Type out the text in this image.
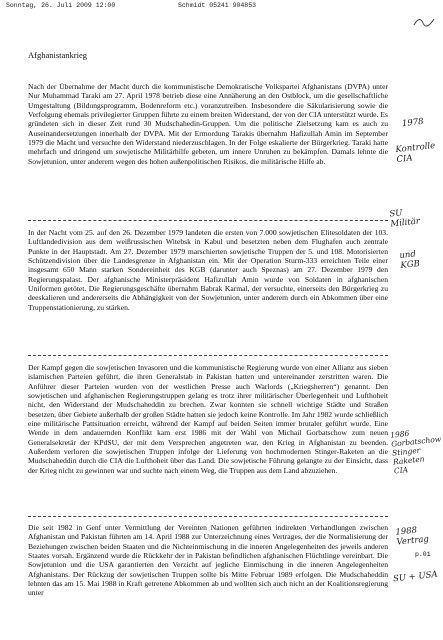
Sonntag, 26. Juli 2009 12:00	Schmidt 05241 904853
Afghanistankrieg
Nach der Übernahme der Macht durch die kommunistische Demokratische Volkspartei Afghanistans (DVPA) unter Nur Muhammad Taraki am 27. April 1978 betrieb diese eine Annäherung an den Ostblock, um die gesellschaftliche Umgestaltung (Bildungsprogramm, Bodenreform etc.) voranzutreiben. Insbesondere die Säkularisierung sowie die Verfolgung ehemals privilegierter Gruppen führte zu einem breiten Widerstand, der von der CIA unterstützt wurde. Es gründeten sich in dieser Zeit rund 30 Mudschahedin-Gruppen. Um die politische Zielsetzung kam es auch zu Auseinandersetzungen innerhalb der DVPA. Mit der Ermordung Tarakis übernahm Hafizullah Amin im September 1979 die Macht und versuchte den Widerstand niederzuschlagen. In der Folge eskalierte der Bürgerkrieg. Taraki hatte mehrfach und dringend um sowjetische Militärhilfe gebeten, um innere Unruhen zu bekämpfen. Damals lehnte die Sowjetunion, unter anderem wegen des hohen außenpolitischen Risikos, die militärische Hilfe ab.
In der Nacht vom 25. auf den 26. Dezember 1979 landeten die ersten von 7.000 sowjetischen Elitesoldaten der 103. Luftlandedivision aus dem weißrussischen Witebsk in Kabul und besetzten neben dem Flughafen auch zentrale Punkte in der Hauptstadt. Am 27. Dezember 1979 marschierten sowjetische Truppen der 5. und 108. Motorisierten Schützendivision über die Landesgrenze in Afghanistan ein. Mit der Operation Sturm-333 erreichten Teile einer insgesamt 650 Mann starken Sondereinheit des KGB (darunter auch Speznas) am 27. Dezember 1979 den Regierungspalast. Der afghanische Ministerpräsident Hafizullah Amin wurde von Soldaten in afghanischen Uniformen getötet. Die Regierungsgeschäfte übernahm Babrak Karmal, der versuchte, einerseits den Bürgerkrieg zu deeskalieren und andererseits die Abhängigkeit von der Sowjetunion, unter anderem durch ein Abkommen über eine Truppenstationierung, zu stärken.
Der Kampf gegen die sowjetischen Invasoren und die kommunistische Regierung wurde von einer Allianz aus sieben islamischen Parteien geführt, die ihren Generalstab in Pakistan hatten und untereinander zerstritten waren. Die Anführer dieser Parteien wurden von der westlichen Presse auch Warlords („Kriegsherren“) genannt. Den sowjetischen und afghanischen Regierungstruppen gelang es trotz ihrer militärischer Überlegenheit und Lufthoheit nicht, den Widerstand der Mudschaheddin zu brechen. Zwar konnten sie schnell wichtige Städte und Straßen besetzen, über Gebiete außerhalb der großen Städte hatten sie jedoch keine Kontrolle. Im Jahr 1982 wurde schließlich eine militärische Pattsituation erreicht, während der Kampf auf beiden Seiten immer brutaler geführt wurde. Eine Wende in dem andauernden Konflikt kam erst 1986 mit der Wahl von Michail Gorbatschow zum neuen Generalsekretär der KPdSU, der mit dem Versprechen angetreten war, den Krieg in Afghanistan zu beenden. Außerdem verloren die sowjetischen Truppen infolge der Lieferung von hochmodernen Stinger-Raketen an die Mudschaheddin durch die CIA die Lufthoheit über das Land. Die sowjetische Führung gelangte zu der Einsicht, dass der Krieg nicht zu gewinnen war und suchte nach einem Weg, die Truppen aus dem Land abzuziehen.
Die seit 1982 in Genf unter Vermittlung der Vereinten Nationen geführten indirekten Verhandlungen zwischen Afghanistan und Pakistan führten am 14. April 1988 zur Unterzeichnung eines Vertrages, der die Normalisierung der Beziehungen zwischen beiden Staaten und die Nichteinmischung in die inneren Angelegenheiten des jeweils anderen Staates vorsah. Ergänzend wurde die Rückkehr der in Pakistan befindlichen afghanischen Flüchtlinge vereinbart. Die Sowjetunion und die USA garantierten den Verzicht auf jegliche Einmischung in die inneren Angelegenheiten Afghanistans. Der Rückzug der sowjetischen Truppen sollte bis Mitte Februar 1989 erfolgen. Die Mudschaheddin lehnten das am 15. Mai 1988 in Kraft getretene Abkommen ab und wollten sich auch nicht an der Koalitionsregierung unter
1978
Kontrolle
CIA
SU
Militär
und
KGB
1986
Gorbatschow
Stinger
Raketen
CIA
1988
Vertrag
SU + USA
p.01
